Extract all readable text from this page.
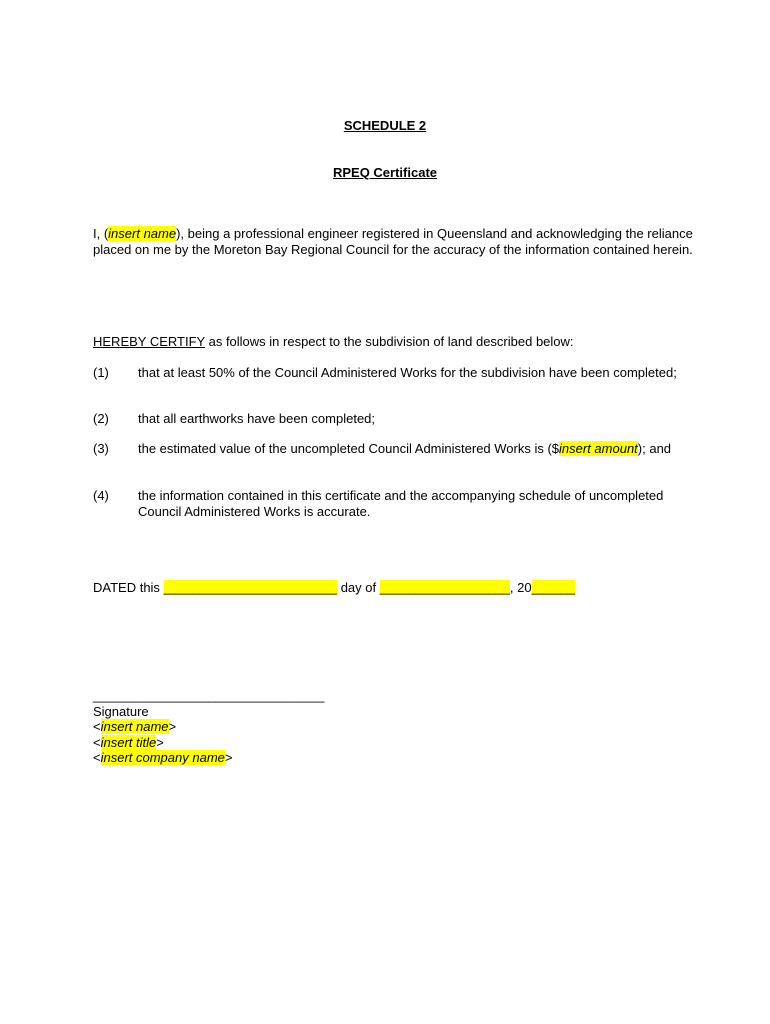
SCHEDULE 2
RPEQ Certificate
I, (insert name), being a professional engineer registered in Queensland and acknowledging the reliance placed on me by the Moreton Bay Regional Council for the accuracy of the information contained herein.
HEREBY CERTIFY as follows in respect to the subdivision of land described below:
(1)	that at least 50% of the Council Administered Works for the subdivision have been completed;
(2)	that all earthworks have been completed;
(3)	the estimated value of the uncompleted Council Administered Works is ($insert amount); and
(4)	the information contained in this certificate and the accompanying schedule of uncompleted Council Administered Works is accurate.
DATED this ________________________ day of __________________, 20______
________________________________
Signature
<insert name>
<insert title>
<insert company name>
